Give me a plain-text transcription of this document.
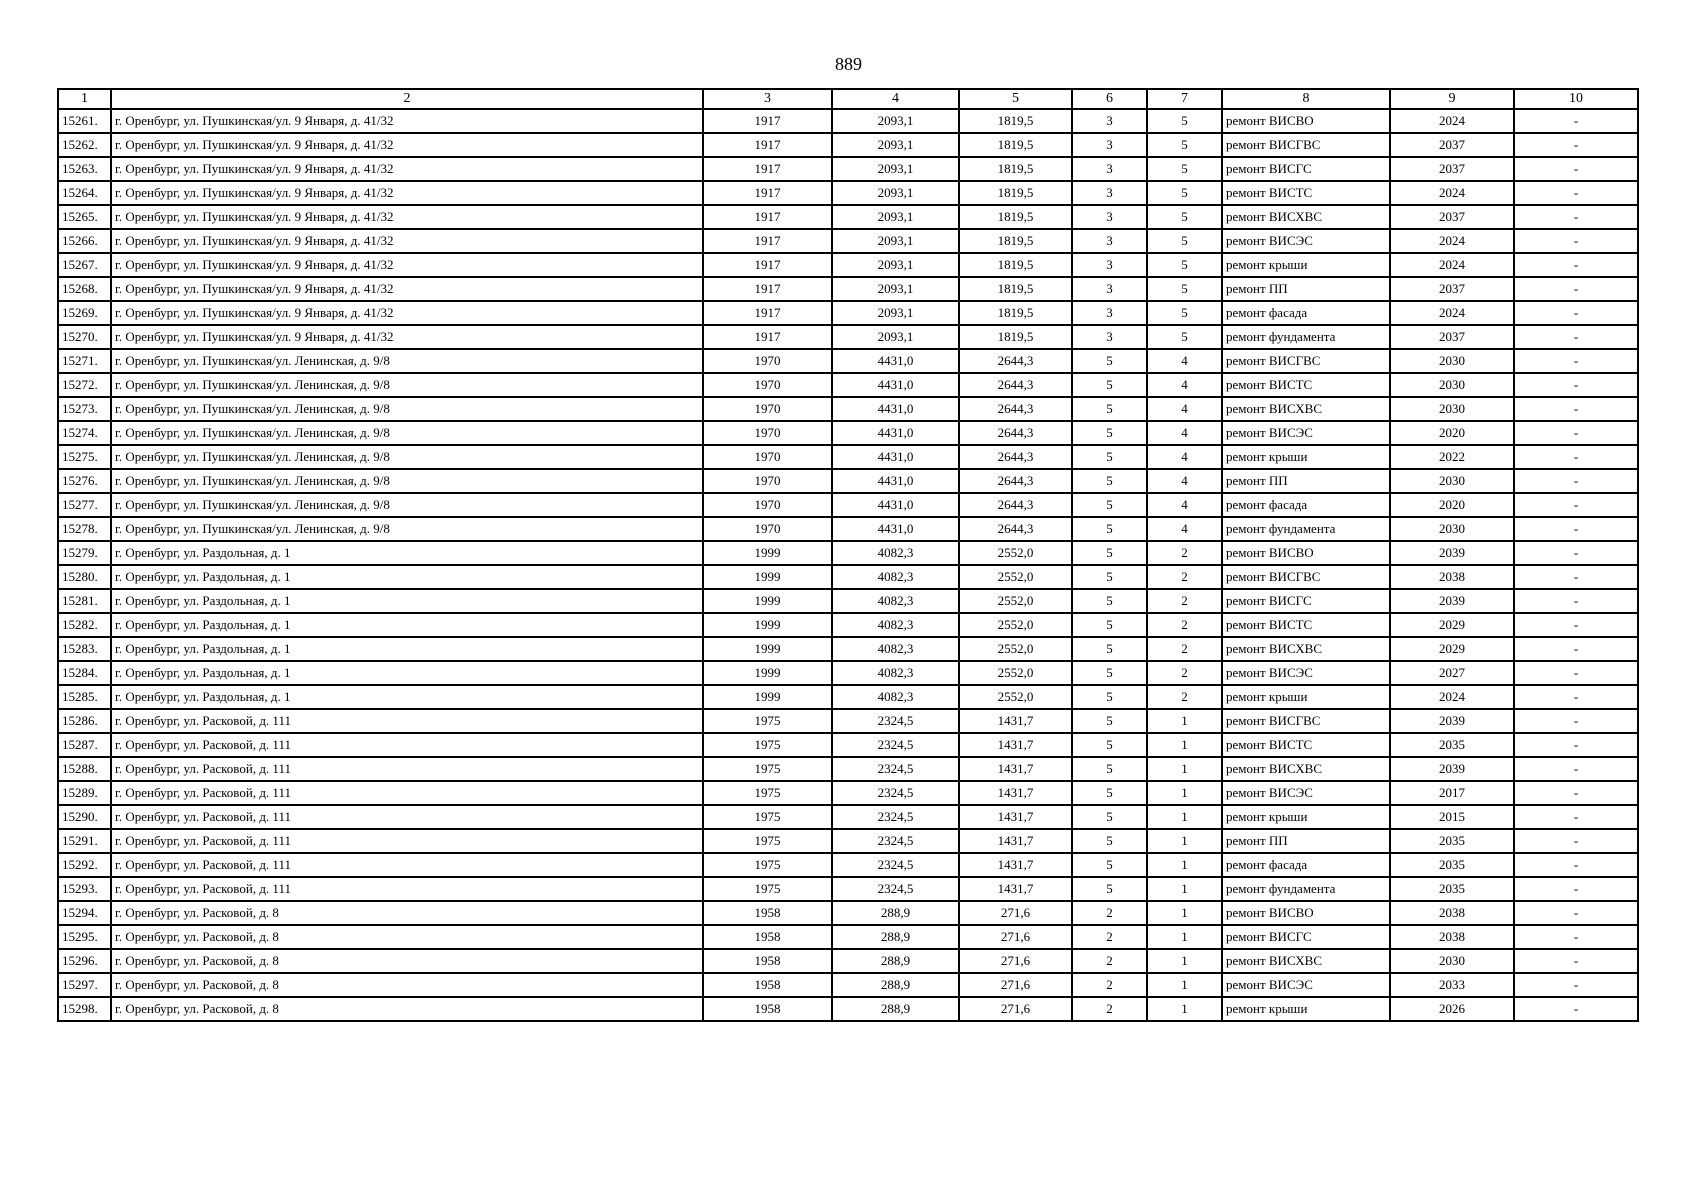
889
1	2	3	4	5	6	7	8	9	10
15261.	г. Оренбург, ул. Пушкинская/ул. 9 Января, д. 41/32	1917	2093,1	1819,5	3	5	ремонт ВИСВО	2024	-
15262.	г. Оренбург, ул. Пушкинская/ул. 9 Января, д. 41/32	1917	2093,1	1819,5	3	5	ремонт ВИСГВС	2037	-
15263.	г. Оренбург, ул. Пушкинская/ул. 9 Января, д. 41/32	1917	2093,1	1819,5	3	5	ремонт ВИСГС	2037	-
15264.	г. Оренбург, ул. Пушкинская/ул. 9 Января, д. 41/32	1917	2093,1	1819,5	3	5	ремонт ВИСТС	2024	-
15265.	г. Оренбург, ул. Пушкинская/ул. 9 Января, д. 41/32	1917	2093,1	1819,5	3	5	ремонт ВИСХВС	2037	-
15266.	г. Оренбург, ул. Пушкинская/ул. 9 Января, д. 41/32	1917	2093,1	1819,5	3	5	ремонт ВИСЭС	2024	-
15267.	г. Оренбург, ул. Пушкинская/ул. 9 Января, д. 41/32	1917	2093,1	1819,5	3	5	ремонт крыши	2024	-
15268.	г. Оренбург, ул. Пушкинская/ул. 9 Января, д. 41/32	1917	2093,1	1819,5	3	5	ремонт ПП	2037	-
15269.	г. Оренбург, ул. Пушкинская/ул. 9 Января, д. 41/32	1917	2093,1	1819,5	3	5	ремонт фасада	2024	-
15270.	г. Оренбург, ул. Пушкинская/ул. 9 Января, д. 41/32	1917	2093,1	1819,5	3	5	ремонт фундамента	2037	-
15271.	г. Оренбург, ул. Пушкинская/ул. Ленинская, д. 9/8	1970	4431,0	2644,3	5	4	ремонт ВИСГВС	2030	-
15272.	г. Оренбург, ул. Пушкинская/ул. Ленинская, д. 9/8	1970	4431,0	2644,3	5	4	ремонт ВИСТС	2030	-
15273.	г. Оренбург, ул. Пушкинская/ул. Ленинская, д. 9/8	1970	4431,0	2644,3	5	4	ремонт ВИСХВС	2030	-
15274.	г. Оренбург, ул. Пушкинская/ул. Ленинская, д. 9/8	1970	4431,0	2644,3	5	4	ремонт ВИСЭС	2020	-
15275.	г. Оренбург, ул. Пушкинская/ул. Ленинская, д. 9/8	1970	4431,0	2644,3	5	4	ремонт крыши	2022	-
15276.	г. Оренбург, ул. Пушкинская/ул. Ленинская, д. 9/8	1970	4431,0	2644,3	5	4	ремонт ПП	2030	-
15277.	г. Оренбург, ул. Пушкинская/ул. Ленинская, д. 9/8	1970	4431,0	2644,3	5	4	ремонт фасада	2020	-
15278.	г. Оренбург, ул. Пушкинская/ул. Ленинская, д. 9/8	1970	4431,0	2644,3	5	4	ремонт фундамента	2030	-
15279.	г. Оренбург, ул. Раздольная, д. 1	1999	4082,3	2552,0	5	2	ремонт ВИСВО	2039	-
15280.	г. Оренбург, ул. Раздольная, д. 1	1999	4082,3	2552,0	5	2	ремонт ВИСГВС	2038	-
15281.	г. Оренбург, ул. Раздольная, д. 1	1999	4082,3	2552,0	5	2	ремонт ВИСГС	2039	-
15282.	г. Оренбург, ул. Раздольная, д. 1	1999	4082,3	2552,0	5	2	ремонт ВИСТС	2029	-
15283.	г. Оренбург, ул. Раздольная, д. 1	1999	4082,3	2552,0	5	2	ремонт ВИСХВС	2029	-
15284.	г. Оренбург, ул. Раздольная, д. 1	1999	4082,3	2552,0	5	2	ремонт ВИСЭС	2027	-
15285.	г. Оренбург, ул. Раздольная, д. 1	1999	4082,3	2552,0	5	2	ремонт крыши	2024	-
15286.	г. Оренбург, ул. Расковой, д. 111	1975	2324,5	1431,7	5	1	ремонт ВИСГВС	2039	-
15287.	г. Оренбург, ул. Расковой, д. 111	1975	2324,5	1431,7	5	1	ремонт ВИСТС	2035	-
15288.	г. Оренбург, ул. Расковой, д. 111	1975	2324,5	1431,7	5	1	ремонт ВИСХВС	2039	-
15289.	г. Оренбург, ул. Расковой, д. 111	1975	2324,5	1431,7	5	1	ремонт ВИСЭС	2017	-
15290.	г. Оренбург, ул. Расковой, д. 111	1975	2324,5	1431,7	5	1	ремонт крыши	2015	-
15291.	г. Оренбург, ул. Расковой, д. 111	1975	2324,5	1431,7	5	1	ремонт ПП	2035	-
15292.	г. Оренбург, ул. Расковой, д. 111	1975	2324,5	1431,7	5	1	ремонт фасада	2035	-
15293.	г. Оренбург, ул. Расковой, д. 111	1975	2324,5	1431,7	5	1	ремонт фундамента	2035	-
15294.	г. Оренбург, ул. Расковой, д. 8	1958	288,9	271,6	2	1	ремонт ВИСВО	2038	-
15295.	г. Оренбург, ул. Расковой, д. 8	1958	288,9	271,6	2	1	ремонт ВИСГС	2038	-
15296.	г. Оренбург, ул. Расковой, д. 8	1958	288,9	271,6	2	1	ремонт ВИСХВС	2030	-
15297.	г. Оренбург, ул. Расковой, д. 8	1958	288,9	271,6	2	1	ремонт ВИСЭС	2033	-
15298.	г. Оренбург, ул. Расковой, д. 8	1958	288,9	271,6	2	1	ремонт крыши	2026	-
